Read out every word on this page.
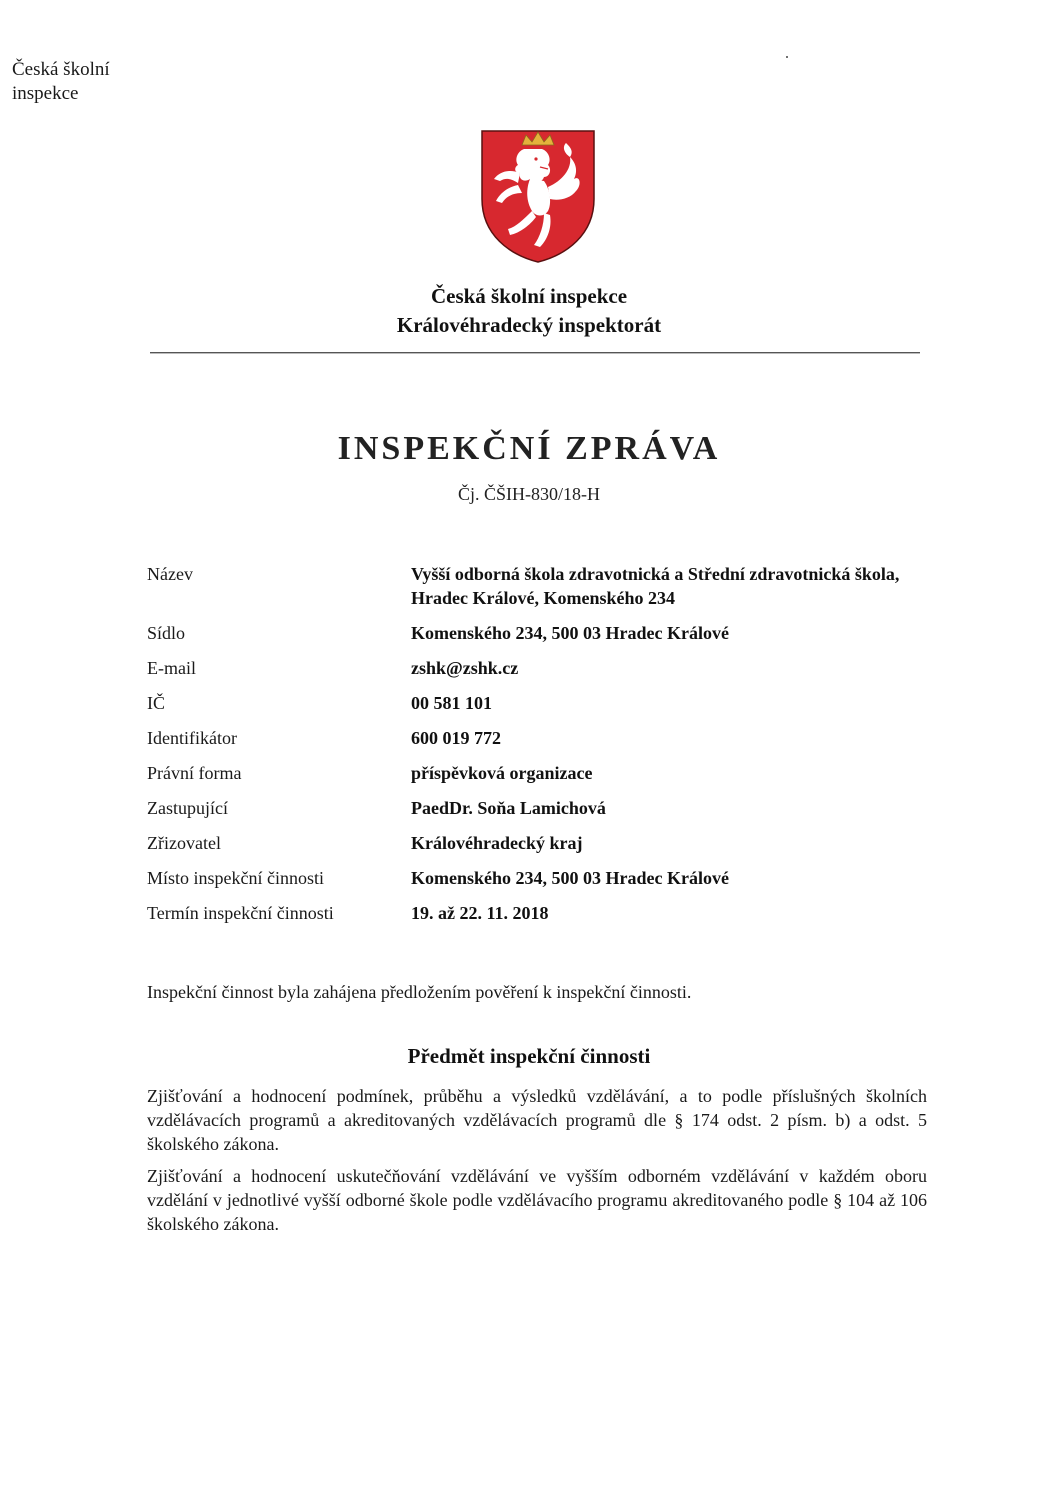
Česká školní
inspekce
Česká školní inspekce
Královéhradecký inspektorát
INSPEKČNÍ ZPRÁVA
Čj. ČŠIH-830/18-H
Název	Vyšší odborná škola zdravotnická a Střední zdravotnická škola, Hradec Králové, Komenského 234
Sídlo	Komenského 234, 500 03 Hradec Králové
E-mail	zshk@zshk.cz
IČ	00 581 101
Identifikátor	600 019 772
Právní forma	příspěvková organizace
Zastupující	PaedDr. Soňa Lamichová
Zřizovatel	Královéhradecký kraj
Místo inspekční činnosti	Komenského 234, 500 03 Hradec Králové
Termín inspekční činnosti	19. až 22. 11. 2018
Inspekční činnost byla zahájena předložením pověření k inspekční činnosti.
Předmět inspekční činnosti
Zjišťování a hodnocení podmínek, průběhu a výsledků vzdělávání, a to podle příslušných školních vzdělávacích programů a akreditovaných vzdělávacích programů dle § 174 odst. 2 písm. b) a odst. 5 školského zákona.
Zjišťování a hodnocení uskutečňování vzdělávání ve vyšším odborném vzdělávání v každém oboru vzdělání v jednotlivé vyšší odborné škole podle vzdělávacího programu akreditovaného podle § 104 až 106 školského zákona.
